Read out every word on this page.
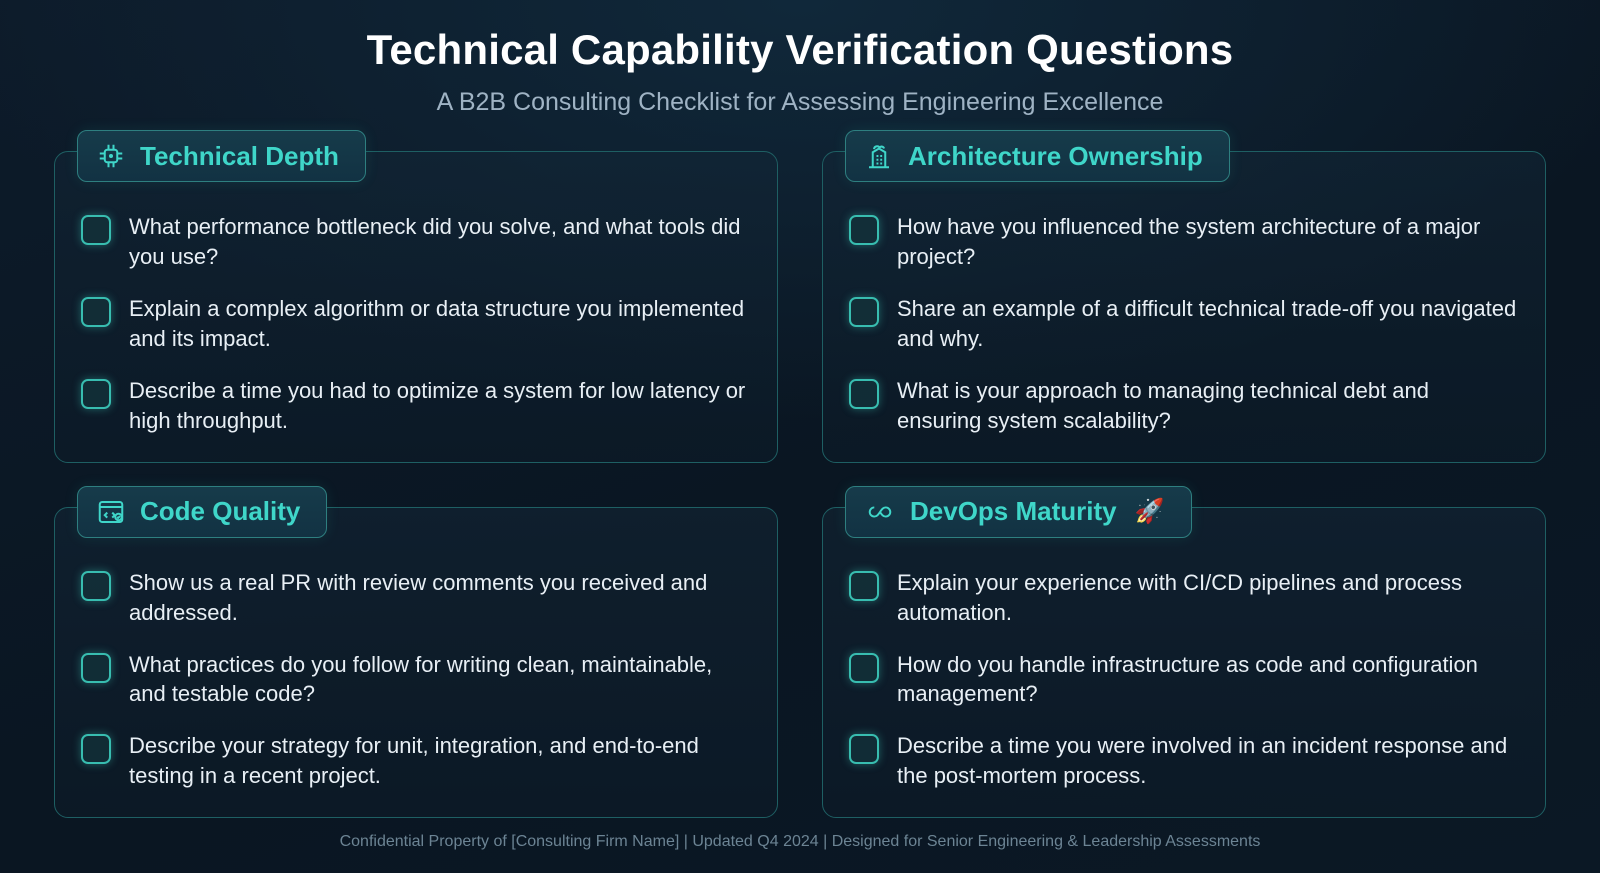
Technical Capability Verification Questions
A B2B Consulting Checklist for Assessing Engineering Excellence
Technical Depth
What performance bottleneck did you solve, and what tools did you use?
Explain a complex algorithm or data structure you implemented and its impact.
Describe a time you had to optimize a system for low latency or high throughput.
Architecture Ownership
How have you influenced the system architecture of a major project?
Share an example of a difficult technical trade-off you navigated and why.
What is your approach to managing technical debt and ensuring system scalability?
Code Quality
Show us a real PR with review comments you received and addressed.
What practices do you follow for writing clean, maintainable, and testable code?
Describe your strategy for unit, integration, and end-to-end testing in a recent project.
DevOps Maturity 🚀
Explain your experience with CI/CD pipelines and process automation.
How do you handle infrastructure as code and configuration management?
Describe a time you were involved in an incident response and the post-mortem process.
Confidential Property of [Consulting Firm Name] | Updated Q4 2024 | Designed for Senior Engineering & Leadership Assessments
